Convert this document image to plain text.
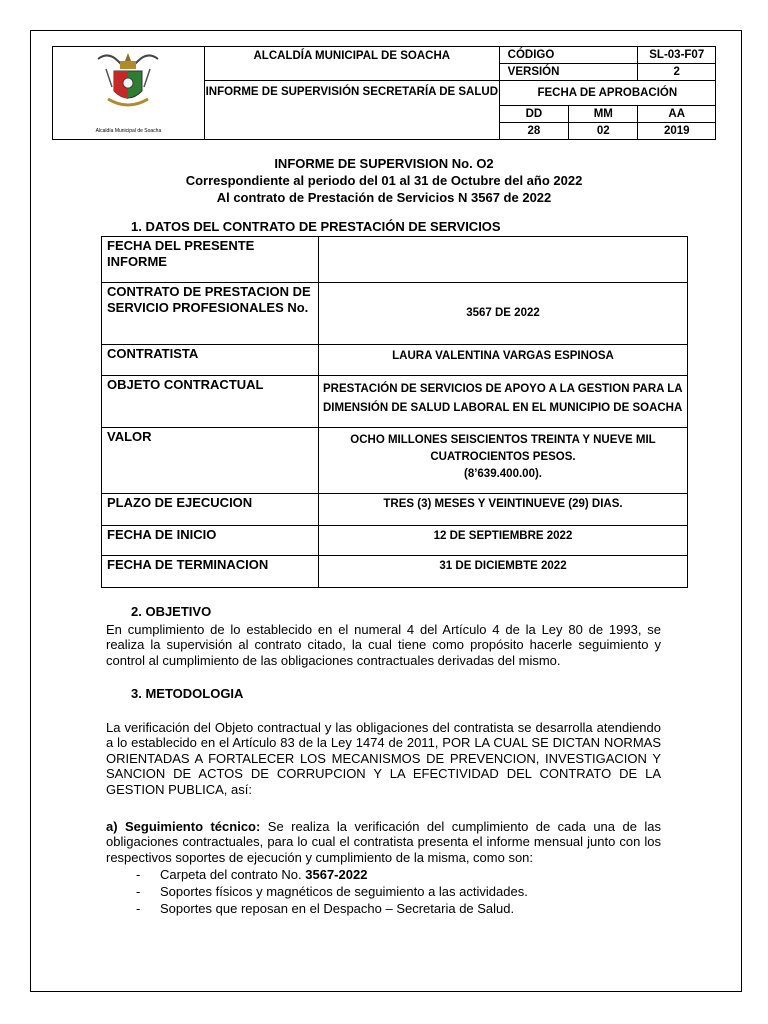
Alcaldía Municipal de Soacha	ALCALDÍA MUNICIPAL DE SOACHA	CÓDIGO		SL-03-F07
		VERSIÓN		2
	INFORME DE SUPERVISIÓN SECRETARÍA DE SALUD	FECHA DE APROBACIÓN		
		DD	MM	AA
		28	02	2019
INFORME DE SUPERVISION No. O2
Correspondiente al periodo del 01 al 31 de Octubre del año 2022
Al contrato de Prestación de Servicios N 3567 de 2022
1. DATOS DEL CONTRATO DE PRESTACIÓN DE SERVICIOS
FECHA DEL PRESENTE INFORME	
CONTRATO DE PRESTACION DE SERVICIO PROFESIONALES No.	3567 DE 2022
CONTRATISTA	LAURA VALENTINA VARGAS ESPINOSA
OBJETO CONTRACTUAL	PRESTACIÓN DE SERVICIOS DE APOYO A LA GESTION PARA LA DIMENSIÓN DE SALUD LABORAL EN EL MUNICIPIO DE SOACHA
VALOR	OCHO MILLONES SEISCIENTOS TREINTA Y NUEVE MIL CUATROCIENTOS PESOS.
(8’639.400.00).

PLAZO DE EJECUCION	TRES (3) MESES Y VEINTINUEVE (29) DIAS.
FECHA DE INICIO	12 DE SEPTIEMBRE 2022
FECHA DE TERMINACION	31 DE DICIEMBTE 2022
2. OBJETIVO
En cumplimiento de lo establecido en el numeral 4 del Artículo 4 de la Ley 80 de 1993, se realiza la supervisión al contrato citado, la cual tiene como propósito hacerle seguimiento y control al cumplimiento de las obligaciones contractuales derivadas del mismo.
3. METODOLOGIA
La verificación del Objeto contractual y las obligaciones del contratista se desarrolla atendiendo a lo establecido en el Artículo 83 de la Ley 1474 de 2011, POR LA CUAL SE DICTAN NORMAS ORIENTADAS A FORTALECER LOS MECANISMOS DE PREVENCION, INVESTIGACION Y SANCION DE ACTOS DE CORRUPCION Y LA EFECTIVIDAD DEL CONTRATO DE LA GESTION PUBLICA, así:
a) Seguimiento técnico: Se realiza la verificación del cumplimiento de cada una de las obligaciones contractuales, para lo cual el contratista presenta el informe mensual junto con los respectivos soportes de ejecución y cumplimiento de la misma, como son:
- Carpeta del contrato No. 3567-2022
- Soportes físicos y magnéticos de seguimiento a las actividades.
- Soportes que reposan en el Despacho – Secretaria de Salud.
